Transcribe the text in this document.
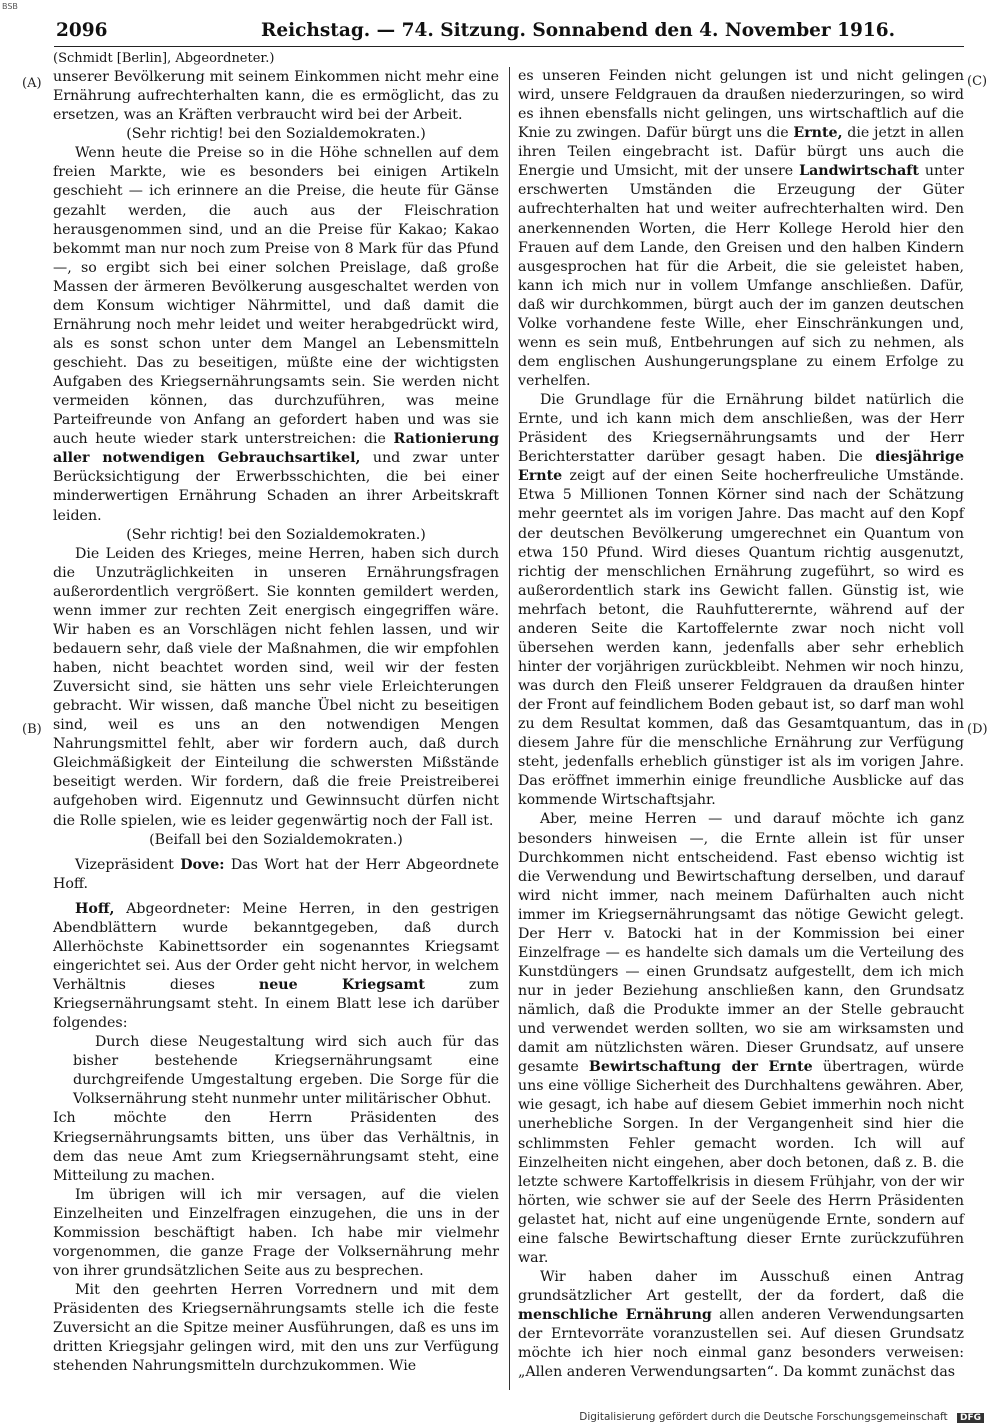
BSB
2096	Reichstag. — 74. Sitzung. Sonnabend den 4. November 1916.
(A)
(B)
(C)
(D)

(Schmidt [Berlin], Abgeordneter.)

unserer Bevölkerung mit seinem Einkommen nicht mehr eine Ernährung aufrechterhalten kann, die es ermöglicht, das zu ersetzen, was an Kräften verbraucht wird bei der Arbeit.

(Sehr richtig! bei den Sozialdemokraten.)

Wenn heute die Preise so in die Höhe schnellen auf dem freien Markte, wie es besonders bei einigen Artikeln geschieht — ich erinnere an die Preise, die heute für Gänse gezahlt werden, die auch aus der Fleischration herausgenommen sind, und an die Preise für Kakao; Kakao bekommt man nur noch zum Preise von 8 Mark für das Pfund —, so ergibt sich bei einer solchen Preislage, daß große Massen der ärmeren Bevölkerung ausgeschaltet werden von dem Konsum wichtiger Nährmittel, und daß damit die Ernährung noch mehr leidet und weiter herabgedrückt wird, als es sonst schon unter dem Mangel an Lebensmitteln geschieht. Das zu beseitigen, müßte eine der wichtigsten Aufgaben des Kriegsernährungsamts sein. Sie werden nicht vermeiden können, das durchzuführen, was meine Parteifreunde von Anfang an gefordert haben und was sie auch heute wieder stark unterstreichen: die Rationierung aller notwendigen Gebrauchsartikel, und zwar unter Berücksichtigung der Erwerbsschichten, die bei einer minderwertigen Ernährung Schaden an ihrer Arbeitskraft leiden.

(Sehr richtig! bei den Sozialdemokraten.)

Die Leiden des Krieges, meine Herren, haben sich durch die Unzuträglichkeiten in unseren Ernährungsfragen außerordentlich vergrößert. Sie konnten gemildert werden, wenn immer zur rechten Zeit energisch eingegriffen wäre. Wir haben es an Vorschlägen nicht fehlen lassen, und wir bedauern sehr, daß viele der Maßnahmen, die wir empfohlen haben, nicht beachtet worden sind, weil wir der festen Zuversicht sind, sie hätten uns sehr viele Erleichterungen gebracht. Wir wissen, daß manche Übel nicht zu beseitigen sind, weil es uns an den notwendigen Mengen Nahrungsmittel fehlt, aber wir fordern auch, daß durch Gleichmäßigkeit der Einteilung die schwersten Mißstände beseitigt werden. Wir fordern, daß die freie Preistreiberei aufgehoben wird. Eigennutz und Gewinnsucht dürfen nicht die Rolle spielen, wie es leider gegenwärtig noch der Fall ist.

(Beifall bei den Sozialdemokraten.)

Vizepräsident Dove: Das Wort hat der Herr Abgeordnete Hoff.

Hoff, Abgeordneter: Meine Herren, in den gestrigen Abendblättern wurde bekanntgegeben, daß durch Allerhöchste Kabinettsorder ein sogenanntes Kriegsamt eingerichtet sei. Aus der Order geht nicht hervor, in welchem Verhältnis dieses neue Kriegsamt zum Kriegsernährungsamt steht. In einem Blatt lese ich darüber folgendes:

Durch diese Neugestaltung wird sich auch für das bisher bestehende Kriegsernährungsamt eine durchgreifende Umgestaltung ergeben. Die Sorge für die Volksernährung steht nunmehr unter militärischer Obhut.

Ich möchte den Herrn Präsidenten des Kriegsernährungsamts bitten, uns über das Verhältnis, in dem das neue Amt zum Kriegsernährungsamt steht, eine Mitteilung zu machen.

Im übrigen will ich mir versagen, auf die vielen Einzelheiten und Einzelfragen einzugehen, die uns in der Kommission beschäftigt haben. Ich habe mir vielmehr vorgenommen, die ganze Frage der Volksernährung mehr von ihrer grundsätzlichen Seite aus zu besprechen.

Mit den geehrten Herren Vorrednern und mit dem Präsidenten des Kriegsernährungsamts stelle ich die feste Zuversicht an die Spitze meiner Ausführungen, daß es uns im dritten Kriegsjahr gelingen wird, mit den uns zur Verfügung stehenden Nahrungsmitteln durchzukommen. Wie

es unseren Feinden nicht gelungen ist und nicht gelingen wird, unsere Feldgrauen da draußen niederzuringen, so wird es ihnen ebensfalls nicht gelingen, uns wirtschaftlich auf die Knie zu zwingen. Dafür bürgt uns die Ernte, die jetzt in allen ihren Teilen eingebracht ist. Dafür bürgt uns auch die Energie und Umsicht, mit der unsere Landwirtschaft unter erschwerten Umständen die Erzeugung der Güter aufrechterhalten hat und weiter aufrechterhalten wird. Den anerkennenden Worten, die Herr Kollege Herold hier den Frauen auf dem Lande, den Greisen und den halben Kindern ausgesprochen hat für die Arbeit, die sie geleistet haben, kann ich mich nur in vollem Umfange anschließen. Dafür, daß wir durchkommen, bürgt auch der im ganzen deutschen Volke vorhandene feste Wille, eher Einschränkungen und, wenn es sein muß, Entbehrungen auf sich zu nehmen, als dem englischen Aushungerungsplane zu einem Erfolge zu verhelfen.

Die Grundlage für die Ernährung bildet natürlich die Ernte, und ich kann mich dem anschließen, was der Herr Präsident des Kriegsernährungsamts und der Herr Berichterstatter darüber gesagt haben. Die diesjährige Ernte zeigt auf der einen Seite hocherfreuliche Umstände. Etwa 5 Millionen Tonnen Körner sind nach der Schätzung mehr geerntet als im vorigen Jahre. Das macht auf den Kopf der deutschen Bevölkerung umgerechnet ein Quantum von etwa 150 Pfund. Wird dieses Quantum richtig ausgenutzt, richtig der menschlichen Ernährung zugeführt, so wird es außerordentlich stark ins Gewicht fallen. Günstig ist, wie mehrfach betont, die Rauhfutterernte, während auf der anderen Seite die Kartoffelernte zwar noch nicht voll übersehen werden kann, jedenfalls aber sehr erheblich hinter der vorjährigen zurückbleibt. Nehmen wir noch hinzu, was durch den Fleiß unserer Feldgrauen da draußen hinter der Front auf feindlichem Boden gebaut ist, so darf man wohl zu dem Resultat kommen, daß das Gesamtquantum, das in diesem Jahre für die menschliche Ernährung zur Verfügung steht, jedenfalls erheblich günstiger ist als im vorigen Jahre. Das eröffnet immerhin einige freundliche Ausblicke auf das kommende Wirtschaftsjahr.

Aber, meine Herren — und darauf möchte ich ganz besonders hinweisen —, die Ernte allein ist für unser Durchkommen nicht entscheidend. Fast ebenso wichtig ist die Verwendung und Bewirtschaftung derselben, und darauf wird nicht immer, nach meinem Dafürhalten auch nicht immer im Kriegsernährungsamt das nötige Gewicht gelegt. Der Herr v. Batocki hat in der Kommission bei einer Einzelfrage — es handelte sich damals um die Verteilung des Kunstdüngers — einen Grundsatz aufgestellt, dem ich mich nur in jeder Beziehung anschließen kann, den Grundsatz nämlich, daß die Produkte immer an der Stelle gebraucht und verwendet werden sollten, wo sie am wirksamsten und damit am nützlichsten wären. Dieser Grundsatz, auf unsere gesamte Bewirtschaftung der Ernte übertragen, würde uns eine völlige Sicherheit des Durchhaltens gewähren. Aber, wie gesagt, ich habe auf diesem Gebiet immerhin noch nicht unerhebliche Sorgen. In der Vergangenheit sind hier die schlimmsten Fehler gemacht worden. Ich will auf Einzelheiten nicht eingehen, aber doch betonen, daß z. B. die letzte schwere Kartoffelkrisis in diesem Frühjahr, von der wir hörten, wie schwer sie auf der Seele des Herrn Präsidenten gelastet hat, nicht auf eine ungenügende Ernte, sondern auf eine falsche Bewirtschaftung dieser Ernte zurückzuführen war.

Wir haben daher im Ausschuß einen Antrag grundsätzlicher Art gestellt, der da fordert, daß die menschliche Ernährung allen anderen Verwendungsarten der Erntevorräte voranzustellen sei. Auf diesen Grundsatz möchte ich hier noch einmal ganz besonders verweisen: „Allen anderen Verwendungsarten“. Da kommt zunächst das

Digitalisierung gefördert durch die Deutsche Forschungsgemeinschaft DFG
